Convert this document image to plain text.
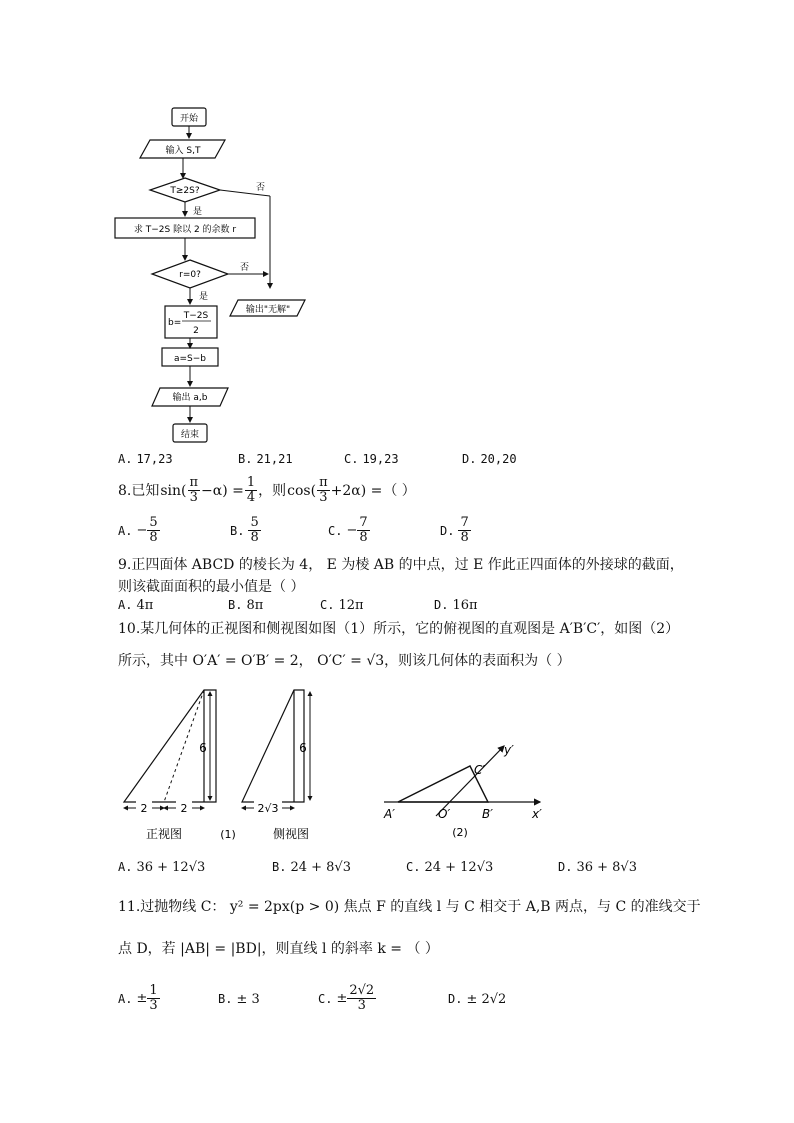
开始
输入 S,T
T≥2S?	否
是
求 T−2S 除以 2 的余数 r
r=0?
否
输出"无解"
是
b=
T−2S
2
a=S−b
输出 a,b
结束
A. 17,23	B. 21,21	C. 19,23	D. 20,20
8.已知 $\sin( \frac{\pi}{3} -\alpha) = \frac{1}{4}$ ，则 $\cos( \frac{\pi}{3} +2\alpha)$ = （ ）
A. − $\frac{5}{8}$	B. $\frac{5}{8}$	C. − $\frac{7}{8}$	D. $\frac{7}{8}$
9.正四面体 ABCD 的棱长为 4， E 为棱 AB 的中点，过 E 作此正四面体的外接球的截面，
则该截面面积的最小值是（ ）
A. 4π	B. 8π	C. 12π	D. 16π
10.某几何体的正视图和侧视图如图（1）所示，它的俯视图的直观图是 A′B′C′，如图（2）
所示，其中 O′A′ = O′B′ = 2， O′C′ = √3，则该几何体的表面积为（ ）
6
2	2
正视图	(1)
6
2√3
侧视图
y′
x′
A′	O′	B′
C′
(2)
A. 36 + 12√3	B. 24 + 8√3	C. 24 + 12√3	D. 36 + 8√3
11.过抛物线 C： y² = 2px(p > 0) 焦点 F 的直线 l 与 C 相交于 A,B 两点，与 C 的准线交于
点 D，若 |AB| = |BD|，则直线 l 的斜率 k = （ ）
A. ± $\frac{1}{3}$	B. ± 3	C. ± $\frac{2√2}{3}$	D. ± 2√2
